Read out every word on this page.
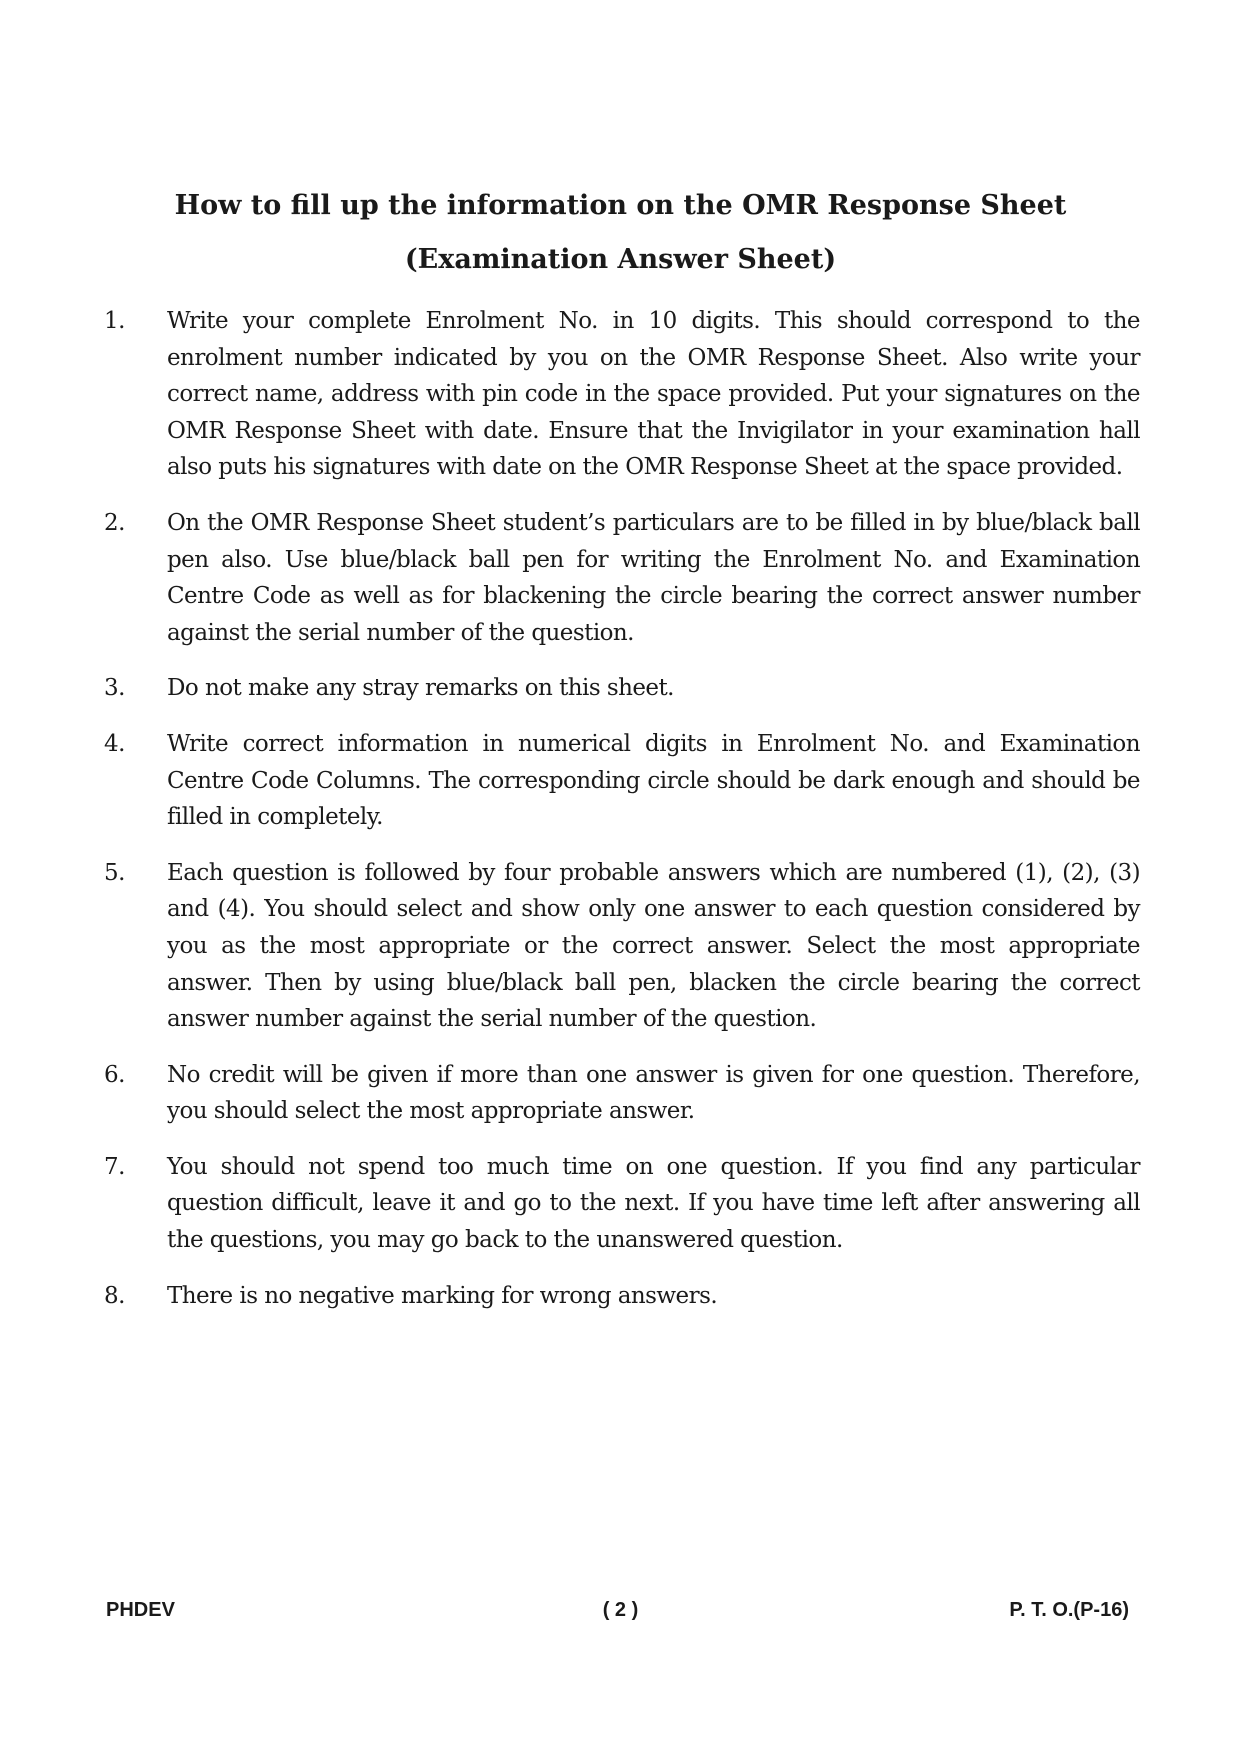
How to fill up the information on the OMR Response Sheet
(Examination Answer Sheet)
1. Write your complete Enrolment No. in 10 digits. This should correspond to the enrolment number indicated by you on the OMR Response Sheet. Also write your correct name, address with pin code in the space provided. Put your signatures on the OMR Response Sheet with date. Ensure that the Invigilator in your examination hall also puts his signatures with date on the OMR Response Sheet at the space provided.
2. On the OMR Response Sheet student’s particulars are to be filled in by blue/black ball pen also. Use blue/black ball pen for writing the Enrolment No. and Examination Centre Code as well as for blackening the circle bearing the correct answer number against the serial number of the question.
3. Do not make any stray remarks on this sheet.
4. Write correct information in numerical digits in Enrolment No. and Examination Centre Code Columns. The corresponding circle should be dark enough and should be filled in completely.
5. Each question is followed by four probable answers which are numbered (1), (2), (3) and (4). You should select and show only one answer to each question considered by you as the most appropriate or the correct answer. Select the most appropriate answer. Then by using blue/black ball pen, blacken the circle bearing the correct answer number against the serial number of the question.
6. No credit will be given if more than one answer is given for one question. Therefore, you should select the most appropriate answer.
7. You should not spend too much time on one question. If you find any particular question difficult, leave it and go to the next. If you have time left after answering all the questions, you may go back to the unanswered question.
8. There is no negative marking for wrong answers.
PHDEV	( 2 )	P. T. O.(P-16)
